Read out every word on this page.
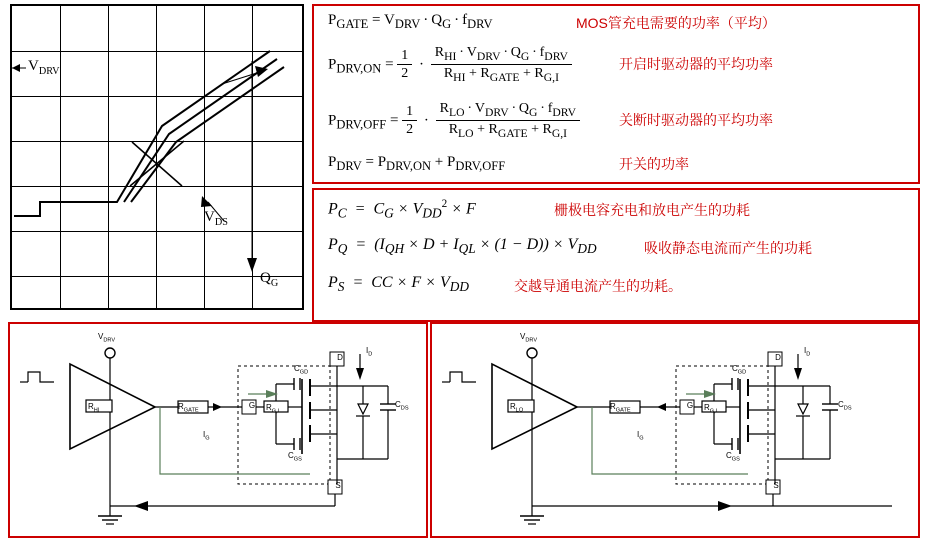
$V_{DRV}$
$V_{DS}$
$Q_G$
$P_{GATE} = V_{DRV} \cdot Q_G \cdot f_{DRV}$	MOS管充电需要的功率（平均）
$P_{DRV,ON} = \frac{1}{2} \cdot \frac{R_{HI} \cdot V_{DRV} \cdot Q_G \cdot f_{DRV}}{R_{HI} + R_{GATE} + R_{G,I}}$	开启时驱动器的平均功率
$P_{DRV,OFF} = \frac{1}{2} \cdot \frac{R_{LO} \cdot V_{DRV} \cdot Q_G \cdot f_{DRV}}{R_{LO} + R_{GATE} + R_{G,I}}$	关断时驱动器的平均功率
$P_{DRV} = P_{DRV,ON} + P_{DRV,OFF}$	开关的功率
$P_C = C_G \times V_{DD}^2 \times F$	栅极电容充电和放电产生的功耗
$P_Q = (I_{QH} \times D + I_{QL} \times (1 - D)) \times V_{DD}$	吸收静态电流而产生的功耗
$P_S$  =  CC × $F \times V_{DD}$	交越导通电流产生的功耗。
$V_{DRV}$
$R_{HI}$	$R_{GATE}$	$R_{G,I}$
$I_G$
$I_D$
D
G
S
$C_{GD}$
$C_{GS}$
$C_{DS}$
$V_{DRV}$
$R_{LO}$	$R_{GATE}$	$R_{G,I}$
$I_G$
$I_D$
D
G
S
$C_{GD}$
$C_{GS}$
$C_{DS}$
